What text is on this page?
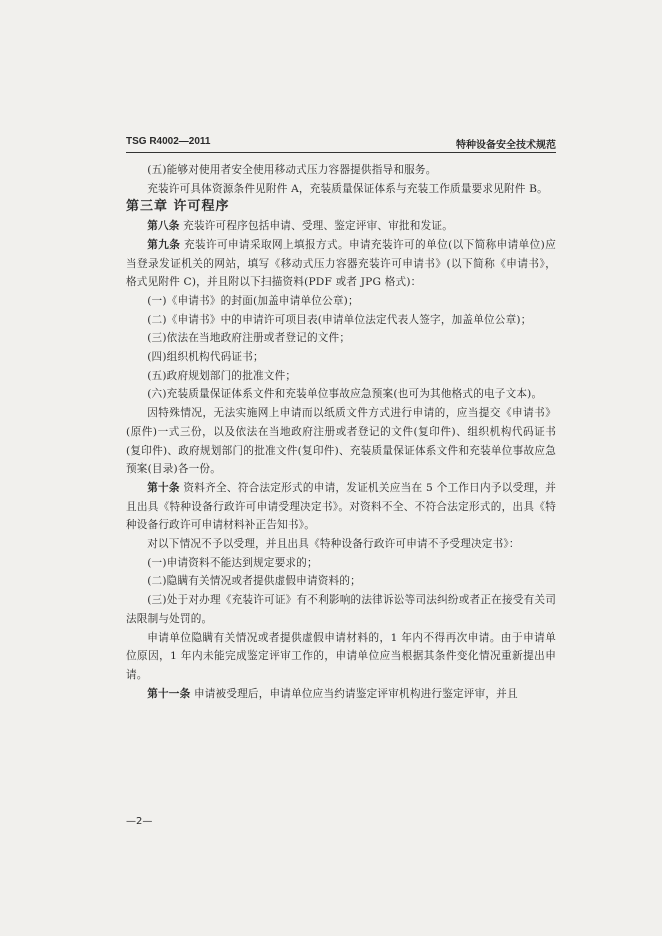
TSG R4002—2011	特种设备安全技术规范

(五)能够对使用者安全使用移动式压力容器提供指导和服务。

充装许可具体资源条件见附件 A，充装质量保证体系与充装工作质量要求见附件 B。

第三章 许可程序

第八条 充装许可程序包括申请、受理、鉴定评审、审批和发证。

第九条 充装许可申请采取网上填报方式。申请充装许可的单位(以下简称申请单位)应当登录发证机关的网站，填写《移动式压力容器充装许可申请书》(以下简称《申请书》，格式见附件 C)，并且附以下扫描资料(PDF 或者 JPG 格式)：

(一)《申请书》的封面(加盖申请单位公章)；

(二)《申请书》中的申请许可项目表(申请单位法定代表人签字，加盖单位公章)；

(三)依法在当地政府注册或者登记的文件；

(四)组织机构代码证书；

(五)政府规划部门的批准文件；

(六)充装质量保证体系文件和充装单位事故应急预案(也可为其他格式的电子文本)。

因特殊情况，无法实施网上申请而以纸质文件方式进行申请的，应当提交《申请书》(原件)一式三份，以及依法在当地政府注册或者登记的文件(复印件)、组织机构代码证书(复印件)、政府规划部门的批准文件(复印件)、充装质量保证体系文件和充装单位事故应急预案(目录)各一份。

第十条 资料齐全、符合法定形式的申请，发证机关应当在 5 个工作日内予以受理，并且出具《特种设备行政许可申请受理决定书》。对资料不全、不符合法定形式的，出具《特种设备行政许可申请材料补正告知书》。

对以下情况不予以受理，并且出具《特种设备行政许可申请不予受理决定书》：

(一)申请资料不能达到规定要求的；

(二)隐瞒有关情况或者提供虚假申请资料的；

(三)处于对办理《充装许可证》有不利影响的法律诉讼等司法纠纷或者正在接受有关司法限制与处罚的。

申请单位隐瞒有关情况或者提供虚假申请材料的，1 年内不得再次申请。由于申请单位原因，1 年内未能完成鉴定评审工作的，申请单位应当根据其条件变化情况重新提出申请。

第十一条 申请被受理后，申请单位应当约请鉴定评审机构进行鉴定评审，并且

—2—
